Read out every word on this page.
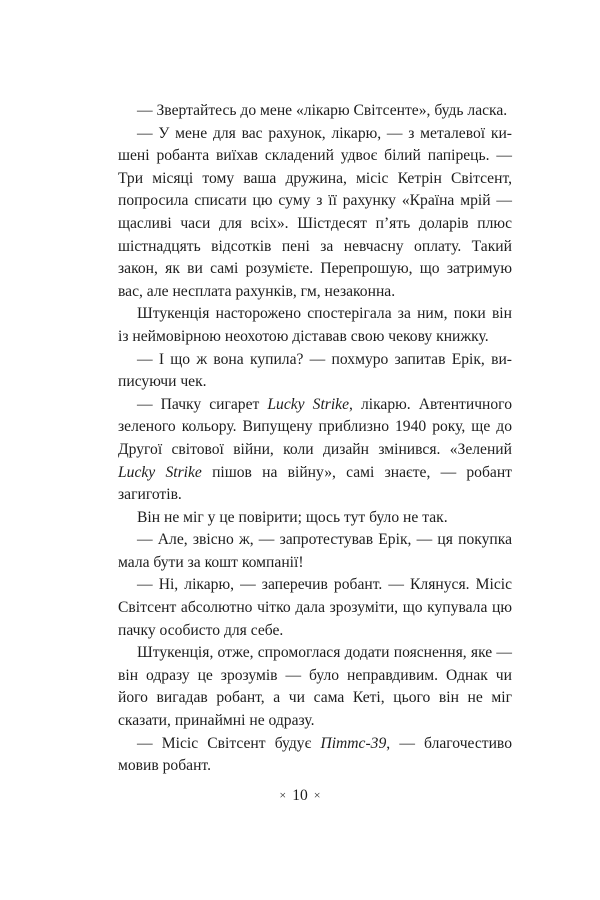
— Звертайтесь до мене «лікарю Світсенте», будь ласка.

— У мене для вас рахунок, лікарю, — з металевої кишені робанта виїхав складений удвоє білий папірець. — Три місяці тому ваша дружина, місіс Кетрін Світсент, попросила списати цю суму з її рахунку «Країна мрій — щасливі часи для всіх». Шістдесят п’ять доларів плюс шістнадцять відсотків пені за невчасну оплату. Такий закон, як ви самі розумієте. Перепрошую, що затримую вас, але несплата рахунків, гм, незаконна.

Штукенція насторожено спостерігала за ним, поки він із неймовірною неохотою діставав свою чекову книжку.

— І що ж вона купила? — похмуро запитав Ерік, виписуючи чек.

— Пачку сигарет Lucky Strike, лікарю. Автентичного зеленого кольору. Випущену приблизно 1940 року, ще до Другої світової війни, коли дизайн змінився. «Зелений Lucky Strike пішов на війну», самі знаєте, — робант загиготів.

Він не міг у це повірити; щось тут було не так.

— Але, звісно ж, — запротестував Ерік, — ця покупка мала бути за кошт компанії!

— Ні, лікарю, — заперечив робант. — Клянуся. Місіс Світсент абсолютно чітко дала зрозуміти, що купувала цю пачку особисто для себе.

Штукенція, отже, спромоглася додати пояснення, яке — він одразу це зрозумів — було неправдивим. Однак чи його вигадав робант, а чи сама Кеті, цього він не міг сказати, принаймні не одразу.

— Місіс Світсент будує Піттс-39, — благочестиво мовив робант.

× 10 ×
